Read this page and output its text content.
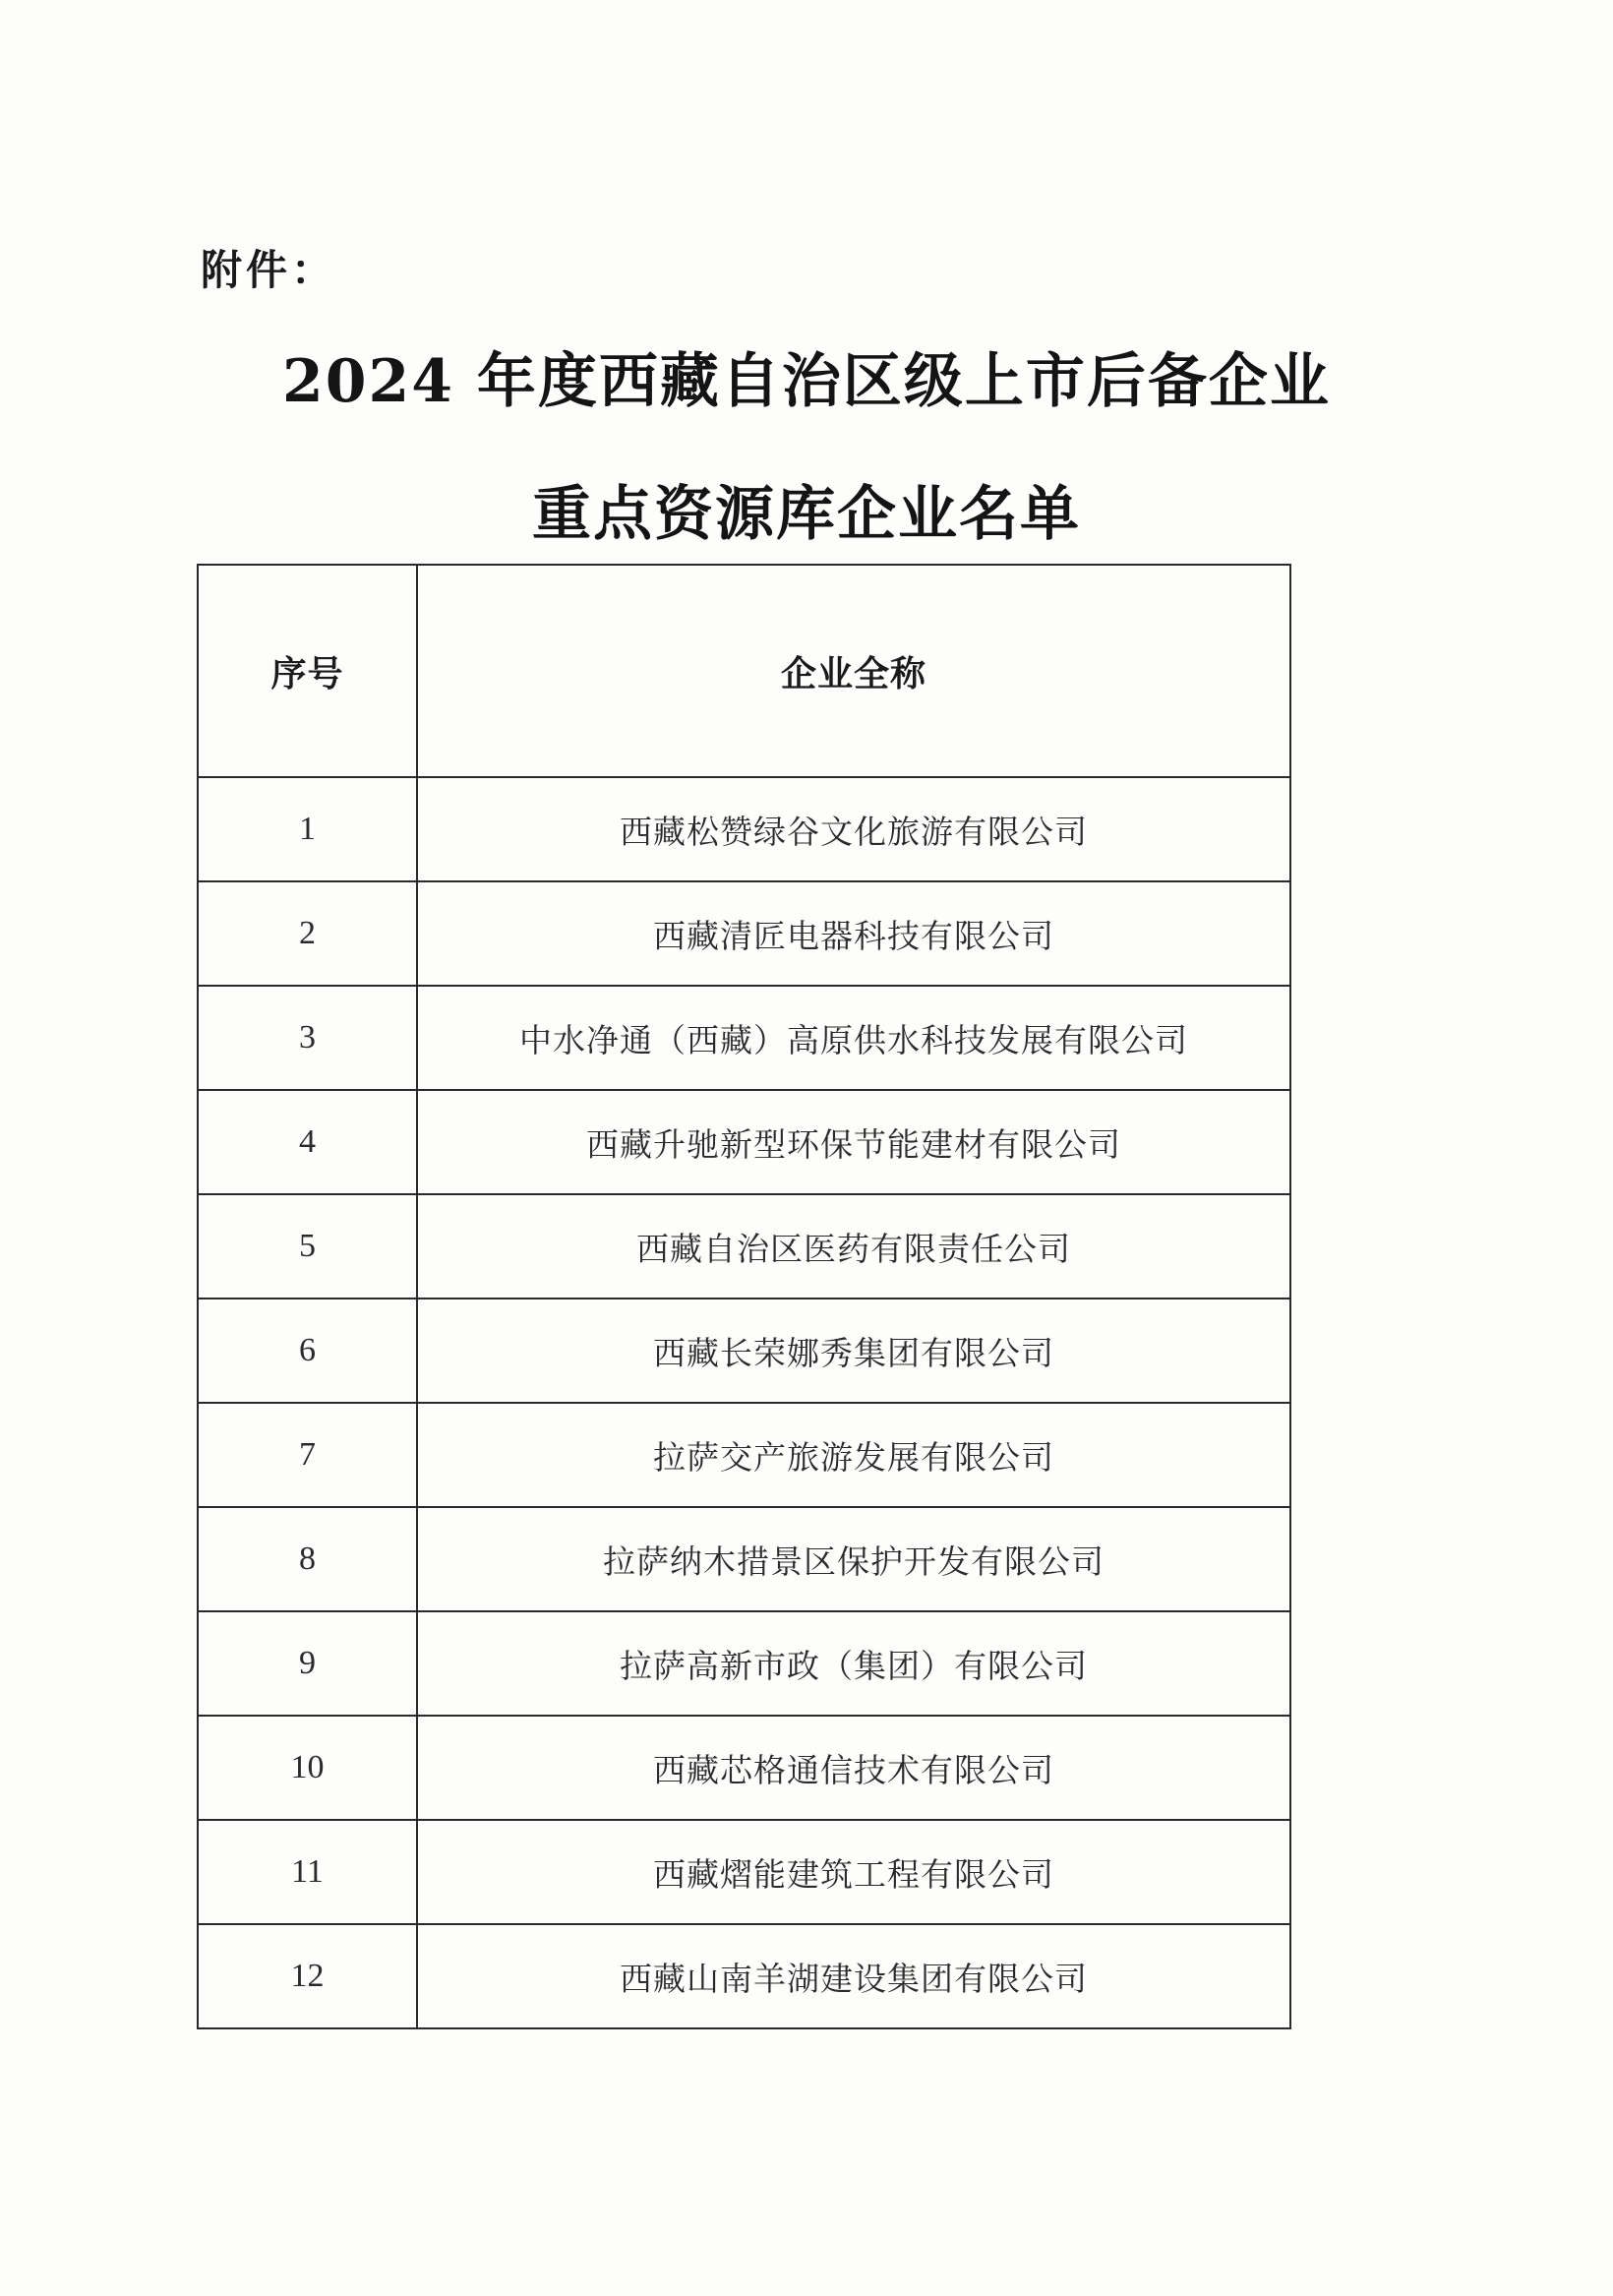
附件：
2024 年度西藏自治区级上市后备企业
重点资源库企业名单
序号	企业全称
1	西藏松赞绿谷文化旅游有限公司
2	西藏清匠电器科技有限公司
3	中水净通（西藏）高原供水科技发展有限公司
4	西藏升驰新型环保节能建材有限公司
5	西藏自治区医药有限责任公司
6	西藏长荣娜秀集团有限公司
7	拉萨交产旅游发展有限公司
8	拉萨纳木措景区保护开发有限公司
9	拉萨高新市政（集团）有限公司
10	西藏芯格通信技术有限公司
11	西藏熠能建筑工程有限公司
12	西藏山南羊湖建设集团有限公司
